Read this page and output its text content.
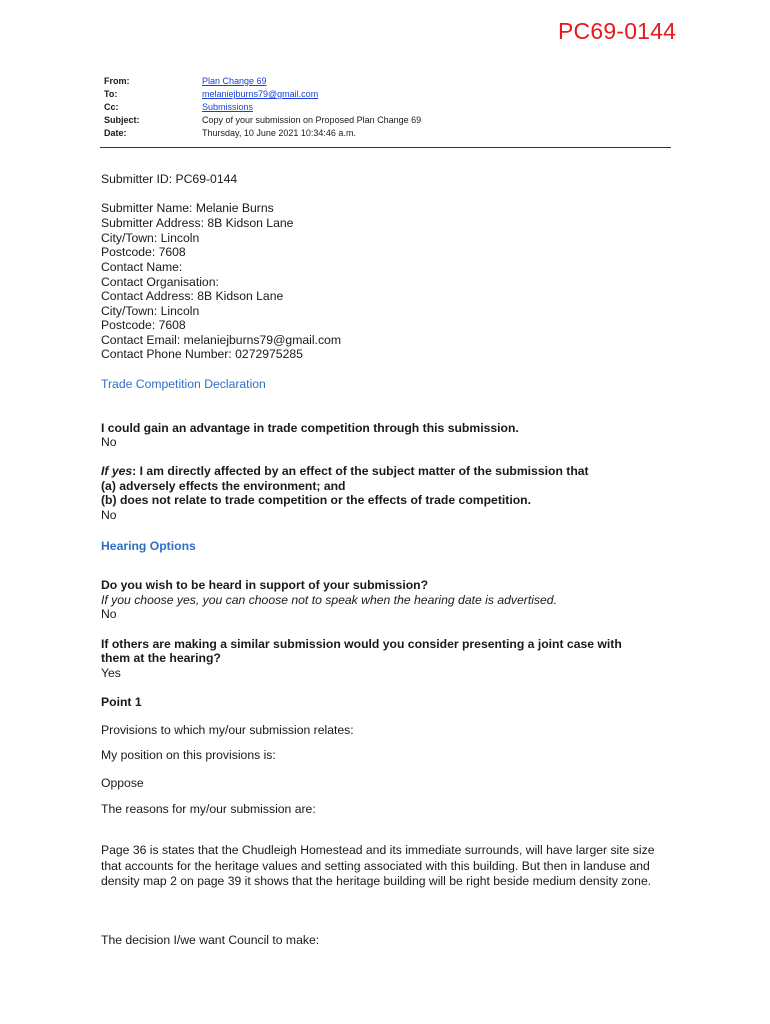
PC69-0144
From:	Plan Change 69
To:	melaniejburns79@gmail.com
Cc:	Submissions
Subject:	Copy of your submission on Proposed Plan Change 69
Date:	Thursday, 10 June 2021 10:34:46 a.m.
Submitter ID: PC69-0144
Submitter Name: Melanie Burns
Submitter Address: 8B Kidson Lane
City/Town: Lincoln
Postcode: 7608
Contact Name:
Contact Organisation:
Contact Address: 8B Kidson Lane
City/Town: Lincoln
Postcode: 7608
Contact Email: melaniejburns79@gmail.com
Contact Phone Number: 0272975285
Trade Competition Declaration
I could gain an advantage in trade competition through this submission.
No
If yes: I am directly affected by an effect of the subject matter of the submission that
(a) adversely effects the environment; and
(b) does not relate to trade competition or the effects of trade competition.
No
Hearing Options
Do you wish to be heard in support of your submission?
If you choose yes, you can choose not to speak when the hearing date is advertised.
No
If others are making a similar submission would you consider presenting a joint case with
them at the hearing?
Yes
Point 1
Provisions to which my/our submission relates:
My position on this provisions is:
Oppose
The reasons for my/our submission are:
Page 36 is states that the Chudleigh Homestead and its immediate surrounds, will have larger site size that accounts for the heritage values and setting associated with this building. But then in landuse and density map 2 on page 39 it shows that the heritage building will be right beside medium density zone.
The decision I/we want Council to make:
